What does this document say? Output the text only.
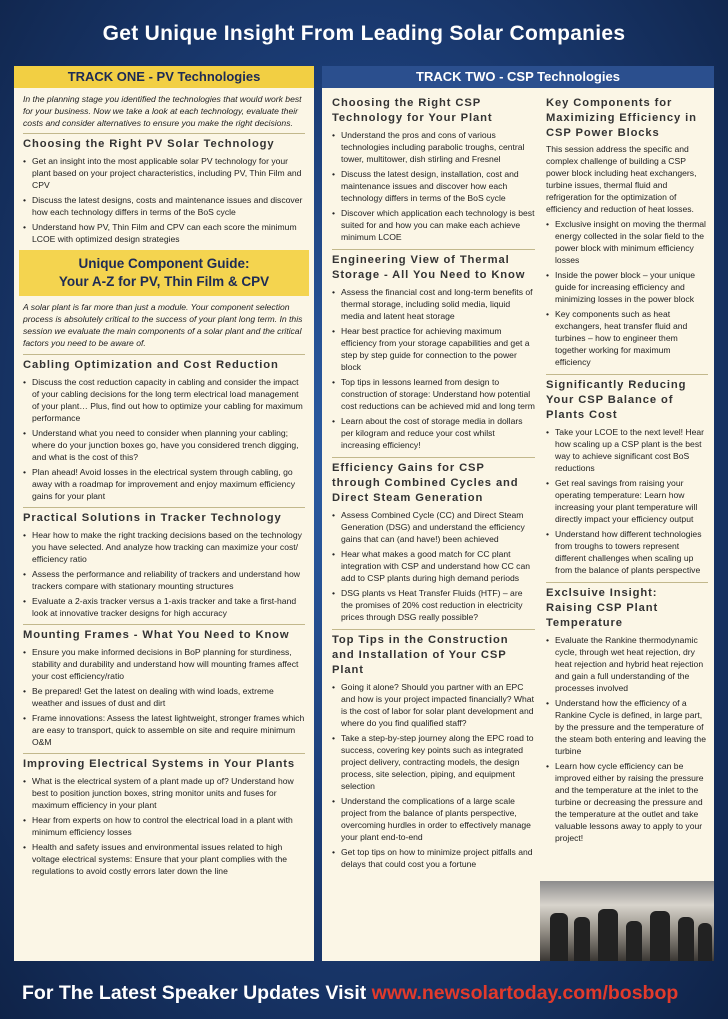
Get Unique Insight From Leading Solar Companies
TRACK ONE - PV Technologies
In the planning stage you identified the technologies that would work best for your business. Now we take a look at each technology, evaluate their costs and consider alternatives to ensure you make the right decisions.
Choosing the Right PV Solar Technology
• Get an insight into the most applicable solar PV technology for your plant based on your project characteristics, including PV, Thin Film and CPV
• Discuss the latest designs, costs and maintenance issues and discover how each technology differs in terms of the BoS cycle
• Understand how PV, Thin Film and CPV can each score the minimum LCOE with optimized design strategies
Unique Component Guide:
Your A-Z for PV, Thin Film & CPV
A solar plant is far more than just a module. Your component selection process is absolutely critical to the success of your plant long term. In this session we evaluate the main components of a solar plant and the critical factors you need to be aware of.
Cabling Optimization and Cost Reduction
• Discuss the cost reduction capacity in cabling and consider the impact of your cabling decisions for the long term electrical load management of your plant… Plus, find out how to optimize your cabling for maximum performance
• Understand what you need to consider when planning your cabling; where do your junction boxes go, have you considered trench digging, and what is the cost of this?
• Plan ahead! Avoid losses in the electrical system through cabling, go away with a roadmap for improvement and enjoy maximum efficiency gains for your plant
Practical Solutions in Tracker Technology
• Hear how to make the right tracking decisions based on the technology you have selected. And analyze how tracking can maximize your cost/ efficiency ratio
• Assess the performance and reliability of trackers and understand how trackers compare with stationary mounting structures
• Evaluate a 2-axis tracker versus a 1-axis tracker and take a first-hand look at innovative tracker designs for high accuracy
Mounting Frames - What You Need to Know
• Ensure you make informed decisions in BoP planning for sturdiness, stability and durability and understand how will mounting frames affect your cost efficiency/ratio
• Be prepared! Get the latest on dealing with wind loads, extreme weather and issues of dust and dirt
• Frame innovations: Assess the latest lightweight, stronger frames which are easy to transport, quick to assemble on site and require minimum O&M
Improving Electrical Systems in Your Plants
• What is the electrical system of a plant made up of? Understand how best to position junction boxes, string monitor units and fuses for maximum efficiency in your plant
• Hear from experts on how to control the electrical load in a plant with minimum efficiency losses
• Health and safety issues and environmental issues related to high voltage electrical systems: Ensure that your plant complies with the regulations to avoid costly errors later down the line
TRACK TWO - CSP Technologies
Choosing the Right CSP Technology for Your Plant
• Understand the pros and cons of various technologies including parabolic troughs, central tower, multitower, dish stirling and Fresnel
• Discuss the latest design, installation, cost and maintenance issues and discover how each technology differs in terms of the BoS cycle
• Discover which application each technology is best suited for and how you can make each achieve minimum LCOE
Engineering View of Thermal Storage - All You Need to Know
• Assess the financial cost and long-term benefits of thermal storage, including solid media, liquid media and latent heat storage
• Hear best practice for achieving maximum efficiency from your storage capabilities and get a step by step guide for connection to the power block
• Top tips in lessons learned from design to construction of storage: Understand how potential cost reductions can be achieved mid and long term
• Learn about the cost of storage media in dollars per kilogram and reduce your cost whilst increasing efficiency!
Efficiency Gains for CSP through Combined Cycles and Direct Steam Generation
• Assess Combined Cycle (CC) and Direct Steam Generation (DSG) and understand the efficiency gains that can (and have!) been achieved
• Hear what makes a good match for CC plant integration with CSP and understand how CC can add to CSP plants during high demand periods
• DSG plants vs Heat Transfer Fluids (HTF) – are the promises of 20% cost reduction in electricity prices through DSG really possible?
Top Tips in the Construction and Installation of Your CSP Plant
• Going it alone? Should you partner with an EPC and how is your project impacted financially? What is the cost of labor for solar plant development and where do you find qualified staff?
• Take a step-by-step journey along the EPC road to success, covering key points such as integrated project delivery, contracting models, the design process, site selection, piping, and equipment selection
• Understand the complications of a large scale project from the balance of plants perspective, overcoming hurdles in order to effectively manage your plant end-to-end
• Get top tips on how to minimize project pitfalls and delays that could cost you a fortune
Key Components for Maximizing Efficiency in CSP Power Blocks

This session address the specific and complex challenge of building a CSP power block including heat exchangers, turbine issues, thermal fluid and refrigeration for the optimization of efficiency and reduction of heat losses.

• Exclusive insight on moving the thermal energy collected in the solar field to the power block with minimum efficiency losses
• Inside the power block – your unique guide for increasing efficiency and minimizing losses in the power block
• Key components such as heat exchangers, heat transfer fluid and turbines – how to engineer them together working for maximum efficiency
Significantly Reducing Your CSP Balance of Plants Cost
• Take your LCOE to the next level! Hear how scaling up a CSP plant is the best way to achieve significant cost BoS reductions
• Get real savings from raising your operating temperature: Learn how increasing your plant temperature will directly impact your efficiency output
• Understand how different technologies from troughs to towers represent different challenges when scaling up from the balance of plants perspective
Exclsuive Insight: Raising CSP Plant Temperature
• Evaluate the Rankine thermodynamic cycle, through wet heat rejection, dry heat rejection and hybrid heat rejection and gain a full understanding of the processes involved
• Understand how the efficiency of a Rankine Cycle is defined, in large part, by the pressure and the temperature of the steam both entering and leaving the turbine
• Learn how cycle efficiency can be improved either by raising the pressure and the temperature at the inlet to the turbine or decreasing the pressure and the temperature at the outlet and take valuable lessons away to apply to your project!
For The Latest Speaker Updates Visit www.newsolartoday.com/bosbop
